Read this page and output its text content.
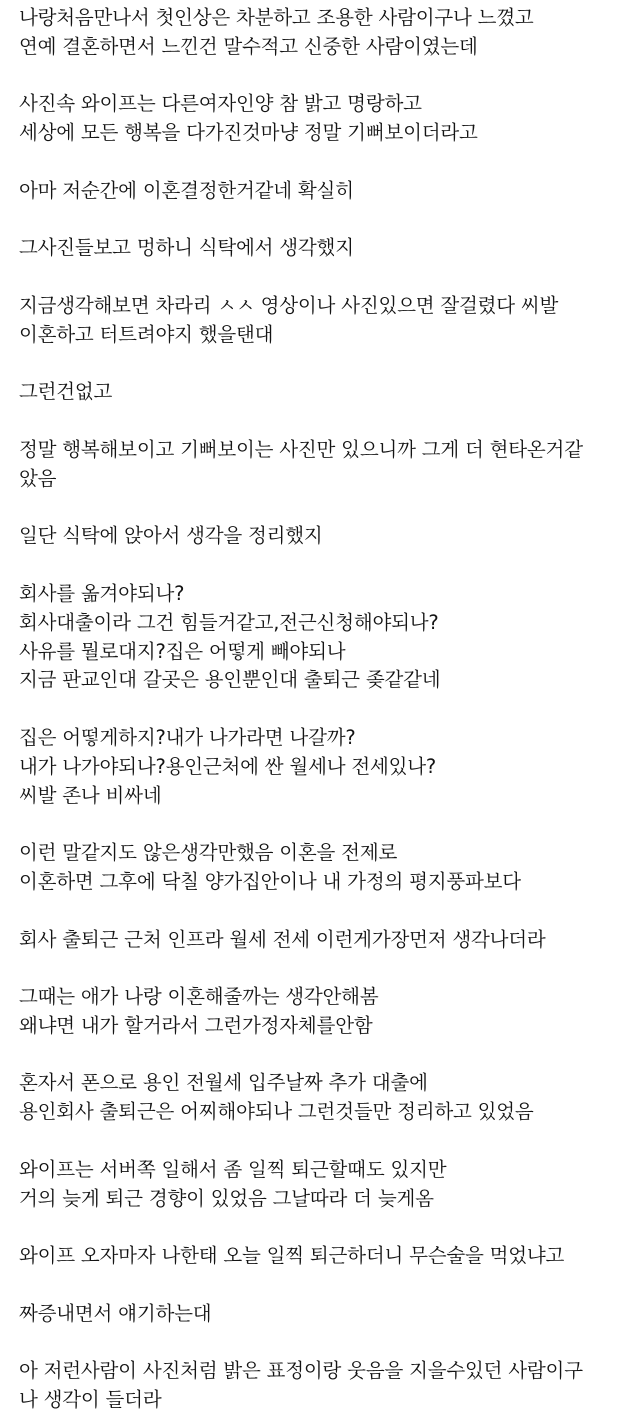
나랑처음만나서 첫인상은 차분하고 조용한 사람이구나 느꼈고
연예 결혼하면서 느낀건 말수적고 신중한 사람이였는데
사진속 와이프는 다른여자인양 참 밝고 명랑하고
세상에 모든 행복을 다가진것마냥 정말 기뻐보이더라고
아마 저순간에 이혼결정한거같네 확실히
그사진들보고 멍하니 식탁에서 생각했지
지금생각해보면 차라리 ㅅㅅ 영상이나 사진있으면 잘걸렸다 씨발
이혼하고 터트려야지 했을탠대
그런건없고
정말 행복해보이고 기뻐보이는 사진만 있으니까 그게 더 현타온거같
았음
일단 식탁에 앉아서 생각을 정리했지
회사를 옮겨야되나?
회사대출이라 그건 힘들거같고,전근신청해야되나?
사유를 뭘로대지?집은 어떻게 빼야되나
지금 판교인대 갈곳은 용인뿐인대 출퇴근 좆같같네
집은 어떻게하지?내가 나가라면 나갈까?
내가 나가야되나?용인근처에 싼 월세나 전세있나?
씨발 존나 비싸네
이런 말같지도 않은생각만했음 이혼을 전제로
이혼하면 그후에 닥칠 양가집안이나 내 가정의 평지풍파보다
회사 출퇴근 근처 인프라 월세 전세 이런게가장먼저 생각나더라
그때는 애가 나랑 이혼해줄까는 생각안해봄
왜냐면 내가 할거라서 그런가정자체를안함
혼자서 폰으로 용인 전월세 입주날짜 추가 대출에
용인회사 출퇴근은 어찌해야되나 그런것들만 정리하고 있었음
와이프는 서버쪽 일해서 좀 일찍 퇴근할때도 있지만
거의 늦게 퇴근 경향이 있었음 그날따라 더 늦게옴
와이프 오자마자 나한태 오늘 일찍 퇴근하더니 무슨술을 먹었냐고
짜증내면서 얘기하는대
아 저런사람이 사진처럼 밝은 표정이랑 웃음을 지을수있던 사람이구
나 생각이 들더라
